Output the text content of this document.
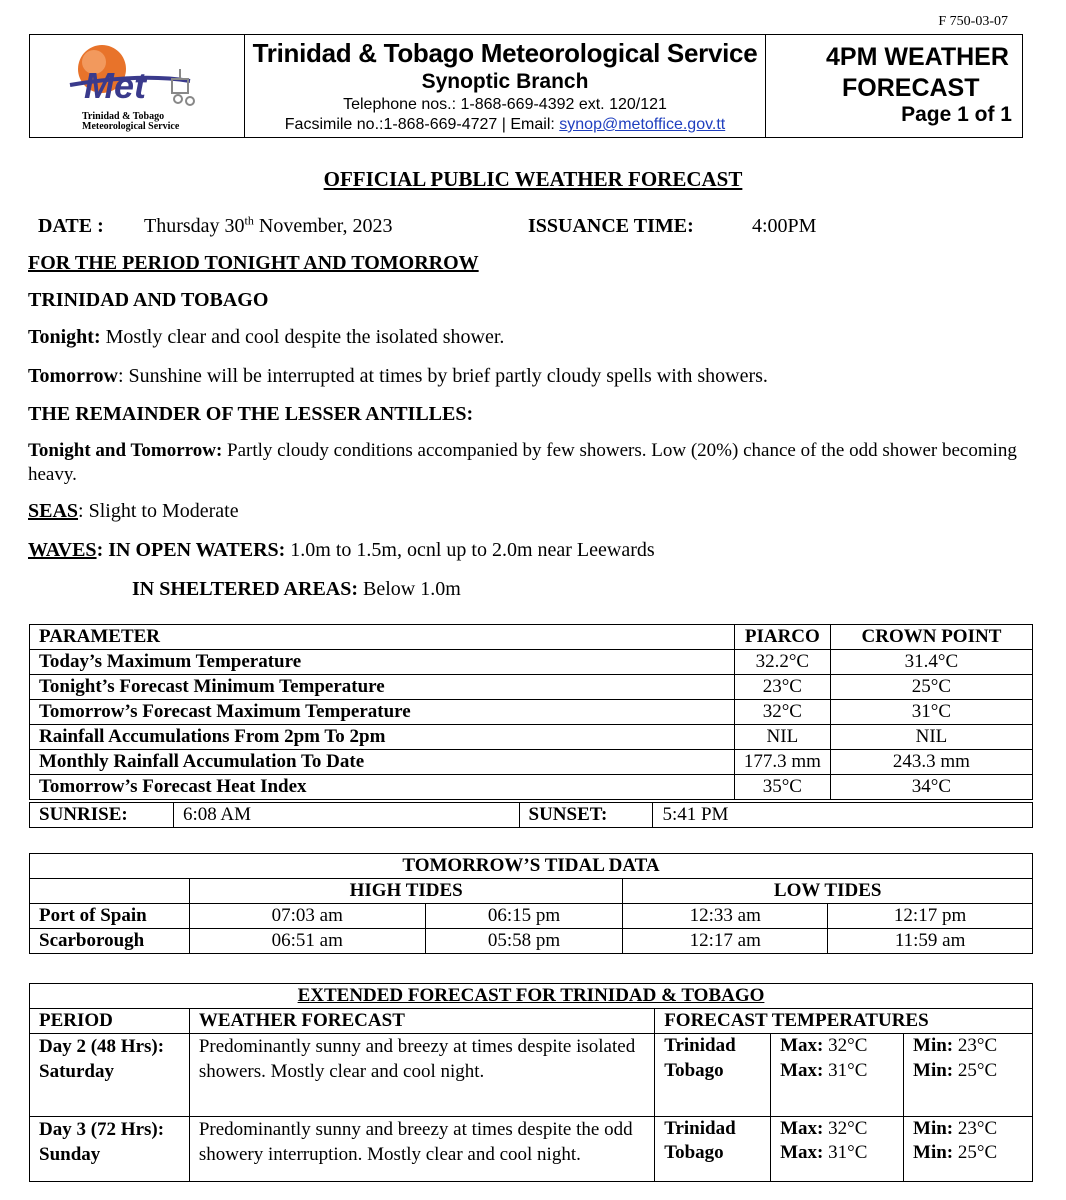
F 750-03-07
Met
Trinidad & Tobago
Meteorological Service

Trinidad & Tobago Meteorological Service
Synoptic Branch
Telephone nos.: 1-868-669-4392 ext. 120/121
Facsimile no.:1-868-669-4727 | Email: synop@metoffice.gov.tt

4PM WEATHER
FORECAST
Page 1 of 1
OFFICIAL PUBLIC WEATHER FORECAST
DATE : Thursday 30th November, 2023	ISSUANCE TIME:	4:00PM
FOR THE PERIOD TONIGHT AND TOMORROW
TRINIDAD AND TOBAGO
Tonight: Mostly clear and cool despite the isolated shower.
Tomorrow: Sunshine will be interrupted at times by brief partly cloudy spells with showers.
THE REMAINDER OF THE LESSER ANTILLES:
Tonight and Tomorrow: Partly cloudy conditions accompanied by few showers. Low (20%) chance of the odd shower becoming heavy.
SEAS: Slight to Moderate
WAVES: IN OPEN WATERS: 1.0m to 1.5m, ocnl up to 2.0m near Leewards
IN SHELTERED AREAS: Below 1.0m
PARAMETER	PIARCO	CROWN POINT
Today’s Maximum Temperature	32.2°C	31.4°C
Tonight’s Forecast Minimum Temperature	23°C	25°C
Tomorrow’s Forecast Maximum Temperature	32°C	31°C
Rainfall Accumulations From 2pm To 2pm	NIL	NIL
Monthly Rainfall Accumulation To Date	177.3 mm	243.3 mm
Tomorrow’s Forecast Heat Index	35°C	34°C
SUNRISE:	6:08 AM	SUNSET:	5:41 PM
TOMORROW’S TIDAL DATA				
	HIGH TIDES		LOW TIDES	
Port of Spain	07:03 am	06:15 pm	12:33 am	12:17 pm
Scarborough	06:51 am	05:58 pm	12:17 am	11:59 am
EXTENDED FORECAST FOR TRINIDAD & TOBAGO				
PERIOD	WEATHER FORECAST	FORECAST TEMPERATURES		
Day 2 (48 Hrs): Saturday	Predominantly sunny and breezy at times despite isolated showers. Mostly clear and cool night.	Trinidad	Max: 32°C	Min: 23°C
		Tobago	Max: 31°C	Min: 25°C
Day 3 (72 Hrs): Sunday	Predominantly sunny and breezy at times despite the odd showery interruption. Mostly clear and cool night.	Trinidad	Max: 32°C	Min: 23°C
		Tobago	Max: 31°C	Min: 25°C
